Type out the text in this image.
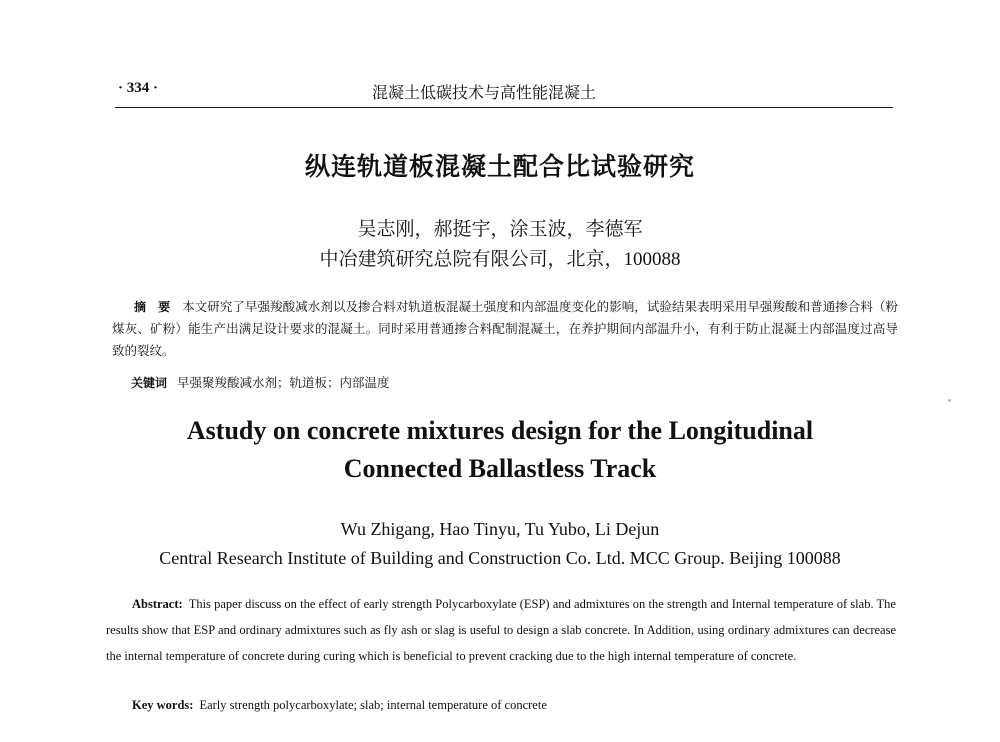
· 334 ·	混凝土低碳技术与高性能混凝土
纵连轨道板混凝土配合比试验研究
吴志刚，郝挺宇，涂玉波，李德军
中冶建筑研究总院有限公司，北京，100088
摘　要 本文研究了早强羧酸减水剂以及掺合料对轨道板混凝土强度和内部温度变化的影响，试验结果表明采用早强羧酸和普通掺合料（粉煤灰、矿粉）能生产出满足设计要求的混凝土。同时采用普通掺合料配制混凝土，在养护期间内部温升小，有利于防止混凝土内部温度过高导致的裂纹。
关键词 早强聚羧酸减水剂；轨道板；内部温度
Astudy on concrete mixtures design for the Longitudinal
Connected Ballastless Track
Wu Zhigang, Hao Tinyu, Tu Yubo, Li Dejun
Central Research Institute of Building and Construction Co. Ltd. MCC Group. Beijing 100088
Abstract: This paper discuss on the effect of early strength Polycarboxylate (ESP) and admixtures on the strength and Internal temperature of slab. The results show that ESP and ordinary admixtures such as fly ash or slag is useful to design a slab concrete. In Addition, using ordinary admixtures can decrease the internal temperature of concrete during curing which is beneficial to prevent cracking due to the high internal temperature of concrete.
Key words: Early strength polycarboxylate; slab; internal temperature of concrete
